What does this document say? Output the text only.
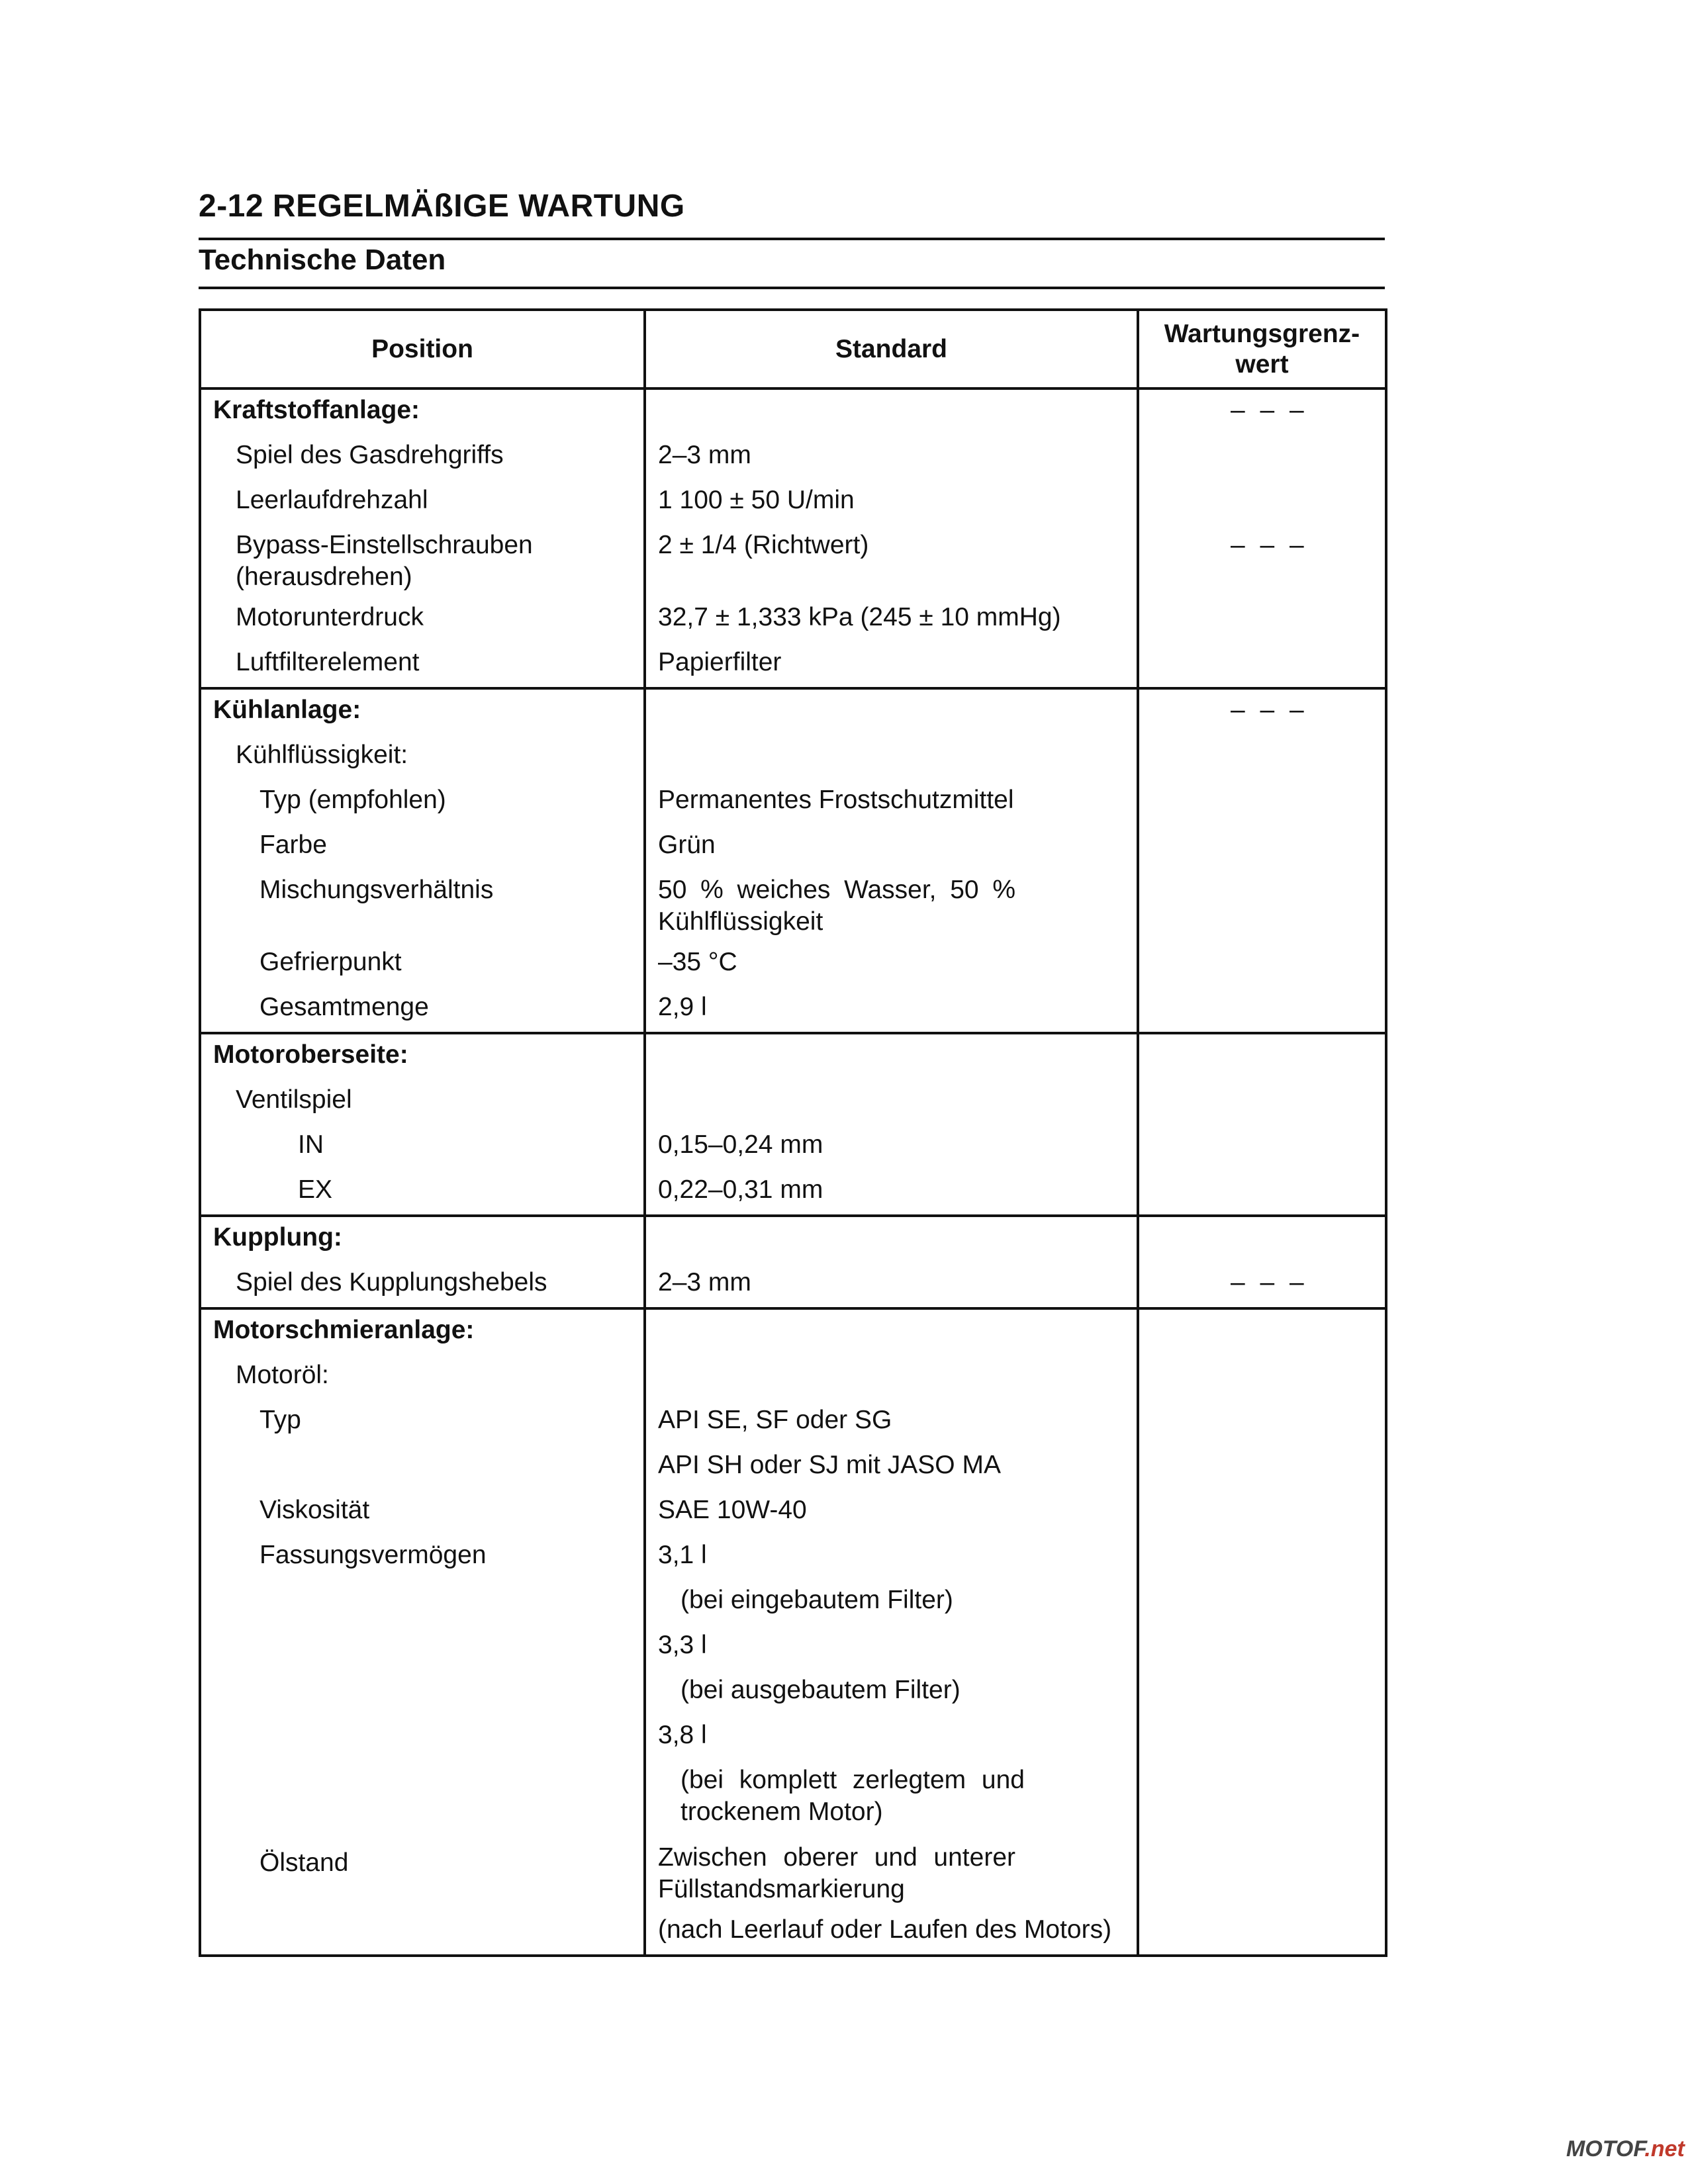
2-12 REGELMÄßIGE WARTUNG
Technische Daten
Position	Standard	Wartungsgrenz-
wert
Kraftstoffanlage:		– – –

Spiel des Gasdrehgriffs	2–3 mm	

Leerlaufdrehzahl	1 100 ± 50 U/min	

Bypass-Einstellschrauben (herausdrehen)	2 ± 1/4 (Richtwert)	– – –

Motorunterdruck	32,7 ± 1,333 kPa (245 ± 10 mmHg)	

Luftfilterelement	Papierfilter	
Kühlanlage:		– – –

Kühlflüssigkeit:		

Typ (empfohlen)	Permanentes Frostschutzmittel	

Farbe	Grün	

Mischungsverhältnis	50 % weiches Wasser, 50 % Kühlflüssigkeit	

Gefrierpunkt	–35 °C	

Gesamtmenge	2,9 l	
Motoroberseite:		

Ventilspiel		

IN	0,15–0,24 mm	

EX	0,22–0,31 mm	
Kupplung:		

Spiel des Kupplungshebels	2–3 mm	– – –

Motorschmieranlage:		

Motoröl:		

Typ	API SE, SF oder SG	
	API SH oder SJ mit JASO MA	

Viskosität	SAE 10W-40	

Fassungsvermögen	3,1 l	

	(bei eingebautem Filter)	

	3,3 l	

	(bei ausgebautem Filter)	

	3,8 l	

	(bei komplett zerlegtem und trockenem Motor)	

Ölstand	Zwischen oberer und unterer Füllstandsmarkierung	

	(nach Leerlauf oder Laufen des Motors)	
MOTOF.net
